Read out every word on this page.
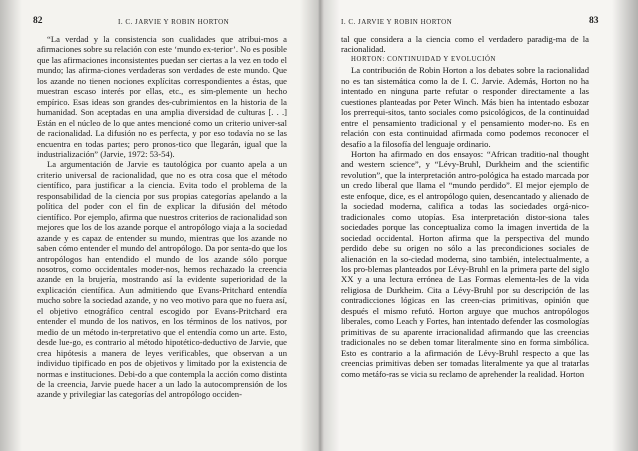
82	I. C. JARVIE Y ROBIN HORTON

“La verdad y la consistencia son cualidades que atribui-mos a afirmaciones sobre su relación con este ‘mundo ex-terior’. No es posible que las afirmaciones inconsistentes puedan ser ciertas a la vez en todo el mundo; las afirma-ciones verdaderas son verdades de este mundo. Que los azande no tienen nociones explícitas correspondientes a éstas, que muestran escaso interés por ellas, etc., es sim-plemente un hecho empírico. Esas ideas son grandes des-cubrimientos en la historia de la humanidad. Son aceptadas en una amplia diversidad de culturas [. . .] Están en el núcleo de lo que antes mencioné como un criterio univer-sal de racionalidad. La difusión no es perfecta, y por eso todavía no se las encuentra en todas partes; pero pronos-tico que llegarán, igual que la industrialización” (Jarvie, 1972: 53-54).

La argumentación de Jarvie es tautológica por cuanto apela a un criterio universal de racionalidad, que no es otra cosa que el método científico, para justificar a la ciencia. Evita todo el problema de la responsabilidad de la ciencia por sus propias categorías apelando a la política del poder con el fin de explicar la difusión del método científico. Por ejemplo, afirma que nuestros criterios de racionalidad son mejores que los de los azande porque el antropólogo viaja a la sociedad azande y es capaz de entender su mundo, mientras que los azande no saben cómo entender el mundo del antropólogo. Da por senta-do que los antropólogos han entendido el mundo de los azande sólo porque nosotros, como occidentales moder-nos, hemos rechazado la creencia azande en la brujería, mostrando así la evidente superioridad de la explicación científica. Aun admitiendo que Evans-Pritchard entendía mucho sobre la sociedad azande, y no veo motivo para que no fuera así, el objetivo etnográfico central escogido por Evans-Pritchard era entender el mundo de los nativos, en los términos de los nativos, por medio de un método in-terpretativo que el entendía como un arte. Esto, desde lue-go, es contrario al método hipotético-deductivo de Jarvie, que crea hipótesis a manera de leyes verificables, que observan a un individuo tipificado en pos de objetivos y limitado por la existencia de normas e instituciones. Debi-do a que contempla la acción como distinta de la creencia, Jarvie puede hacer a un lado la autocomprensión de los azande y privilegiar las categorías del antropólogo occiden-

I. C. JARVIE Y ROBIN HORTON	83

tal que considera a la ciencia como el verdadero paradig-ma de la racionalidad.

HORTON: CONTINUIDAD Y EVOLUCIÓN

La contribución de Robin Horton a los debates sobre la racionalidad no es tan sistemática como la de I. C. Jarvie. Además, Horton no ha intentado en ninguna parte refutar o responder directamente a las cuestiones planteadas por Peter Winch. Más bien ha intentado esbozar los prerrequi-sitos, tanto sociales como psicológicos, de la continuidad entre el pensamiento tradicional y el pensamiento moder-no. Es en relación con esta continuidad afirmada como podemos reconocer el desafío a la filosofía del lenguaje ordinario.

Horton ha afirmado en dos ensayos: “African traditio-nal thought and western science”, y “Lévy-Bruhl, Durkheim and the scientific revolution”, que la interpretación antro-pológica ha estado marcada por un credo liberal que llama el “mundo perdido”. El mejor ejemplo de este enfoque, dice, es el antropólogo quien, desencantado y alienado de la sociedad moderna, califica a todas las sociedades orgá-nico-tradicionales como utopías. Esa interpretación distor-siona tales sociedades porque las conceptualiza como la imagen invertida de la sociedad occidental. Horton afirma que la perspectiva del mundo perdido debe su origen no sólo a las precondiciones sociales de alienación en la so-ciedad moderna, sino también, intelectualmente, a los pro-blemas planteados por Lévy-Bruhl en la primera parte del siglo XX y a una lectura errónea de Las Formas elementa-les de la vida religiosa de Durkheim. Cita a Lévy-Bruhl por su descripción de las contradicciones lógicas en las creen-cias primitivas, opinión que después el mismo refutó. Horton arguye que muchos antropólogos liberales, como Leach y Fortes, han intentado defender las cosmologías primitivas de su aparente irracionalidad afirmando que las creencias tradicionales no se deben tomar literalmente sino en forma simbólica. Esto es contrario a la afirmación de Lévy-Bruhl respecto a que las creencias primitivas deben ser tomadas literalmente ya que al tratarlas como metáfo-ras se vicia su reclamo de aprehender la realidad. Horton
